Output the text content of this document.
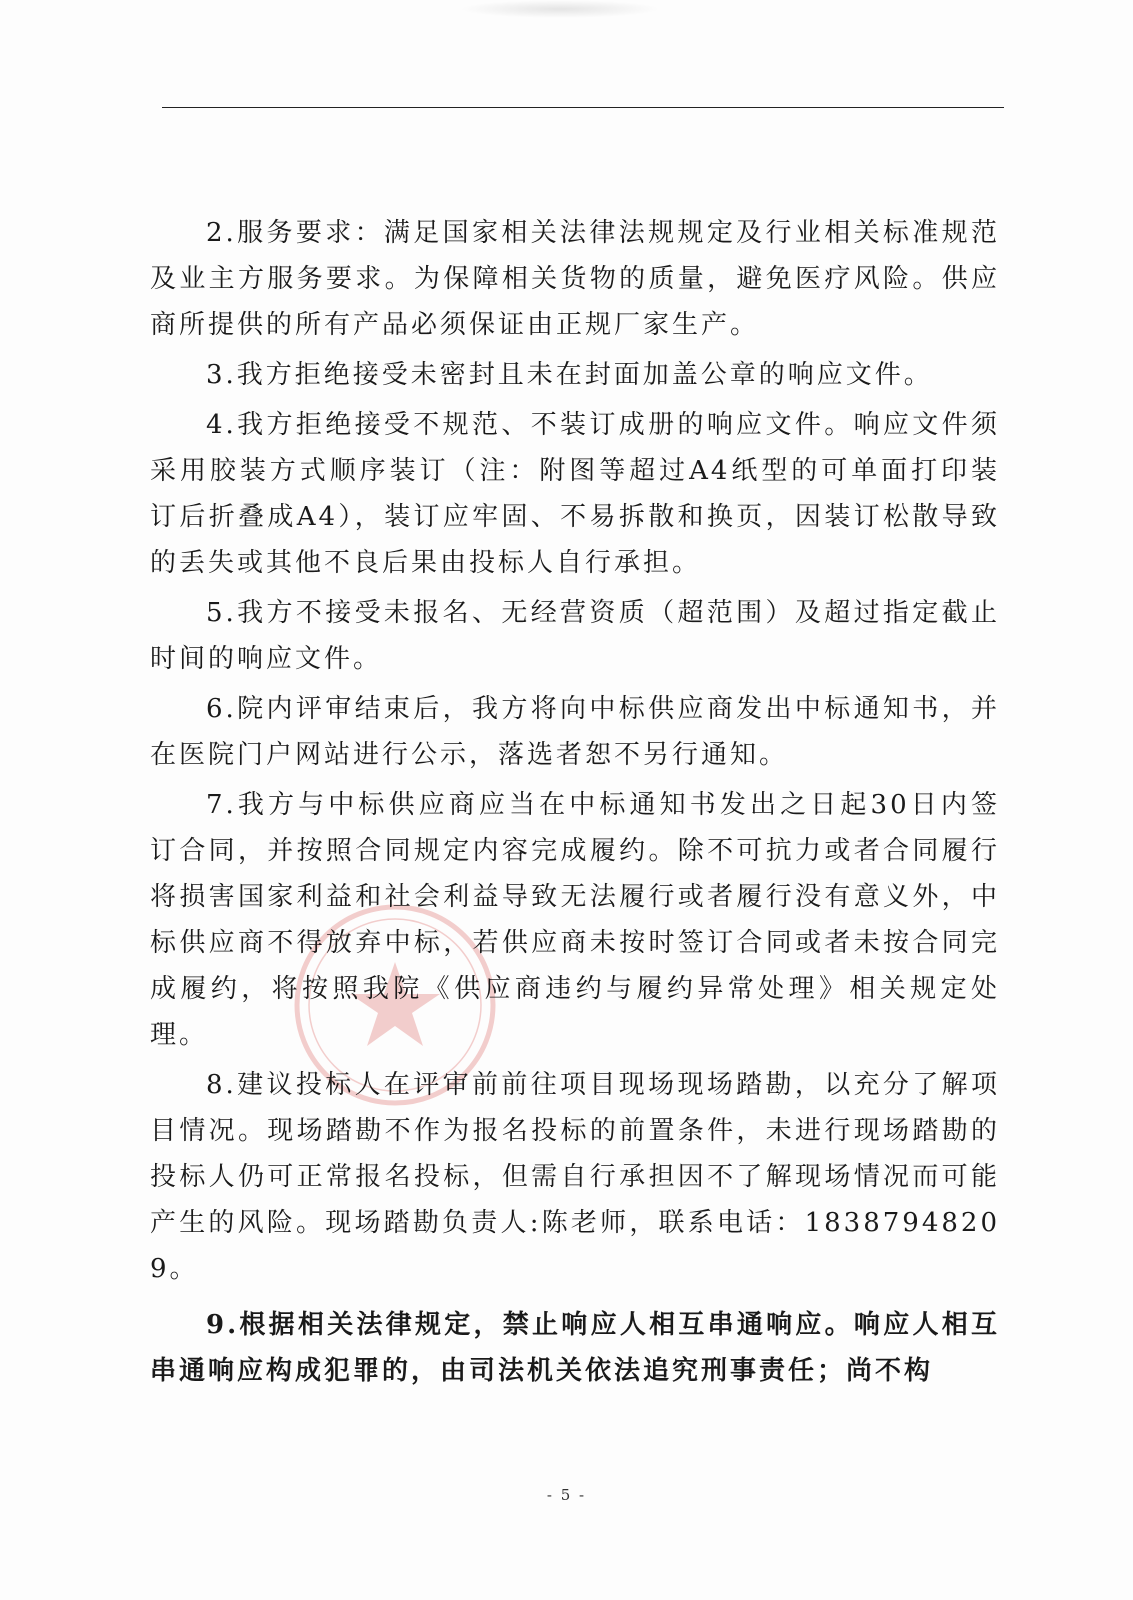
2.服务要求：满足国家相关法律法规规定及行业相关标准规范及业主方服务要求。为保障相关货物的质量，避免医疗风险。供应商所提供的所有产品必须保证由正规厂家生产。

3.我方拒绝接受未密封且未在封面加盖公章的响应文件。

4.我方拒绝接受不规范、不装订成册的响应文件。响应文件须采用胶装方式顺序装订（注：附图等超过A4纸型的可单面打印装订后折叠成A4），装订应牢固、不易拆散和换页，因装订松散导致的丢失或其他不良后果由投标人自行承担。

5.我方不接受未报名、无经营资质（超范围）及超过指定截止时间的响应文件。

6.院内评审结束后，我方将向中标供应商发出中标通知书，并在医院门户网站进行公示，落选者恕不另行通知。

7.我方与中标供应商应当在中标通知书发出之日起30日内签订合同，并按照合同规定内容完成履约。除不可抗力或者合同履行将损害国家利益和社会利益导致无法履行或者履行没有意义外，中标供应商不得放弃中标，若供应商未按时签订合同或者未按合同完成履约，将按照我院《供应商违约与履约异常处理》相关规定处理。

8.建议投标人在评审前前往项目现场现场踏勘，以充分了解项目情况。现场踏勘不作为报名投标的前置条件，未进行现场踏勘的投标人仍可正常报名投标，但需自行承担因不了解现场情况而可能产生的风险。现场踏勘负责人:陈老师，联系电话：18387948209。

9.根据相关法律规定，禁止响应人相互串通响应。响应人相互串通响应构成犯罪的，由司法机关依法追究刑事责任；尚不构

- 5 -
